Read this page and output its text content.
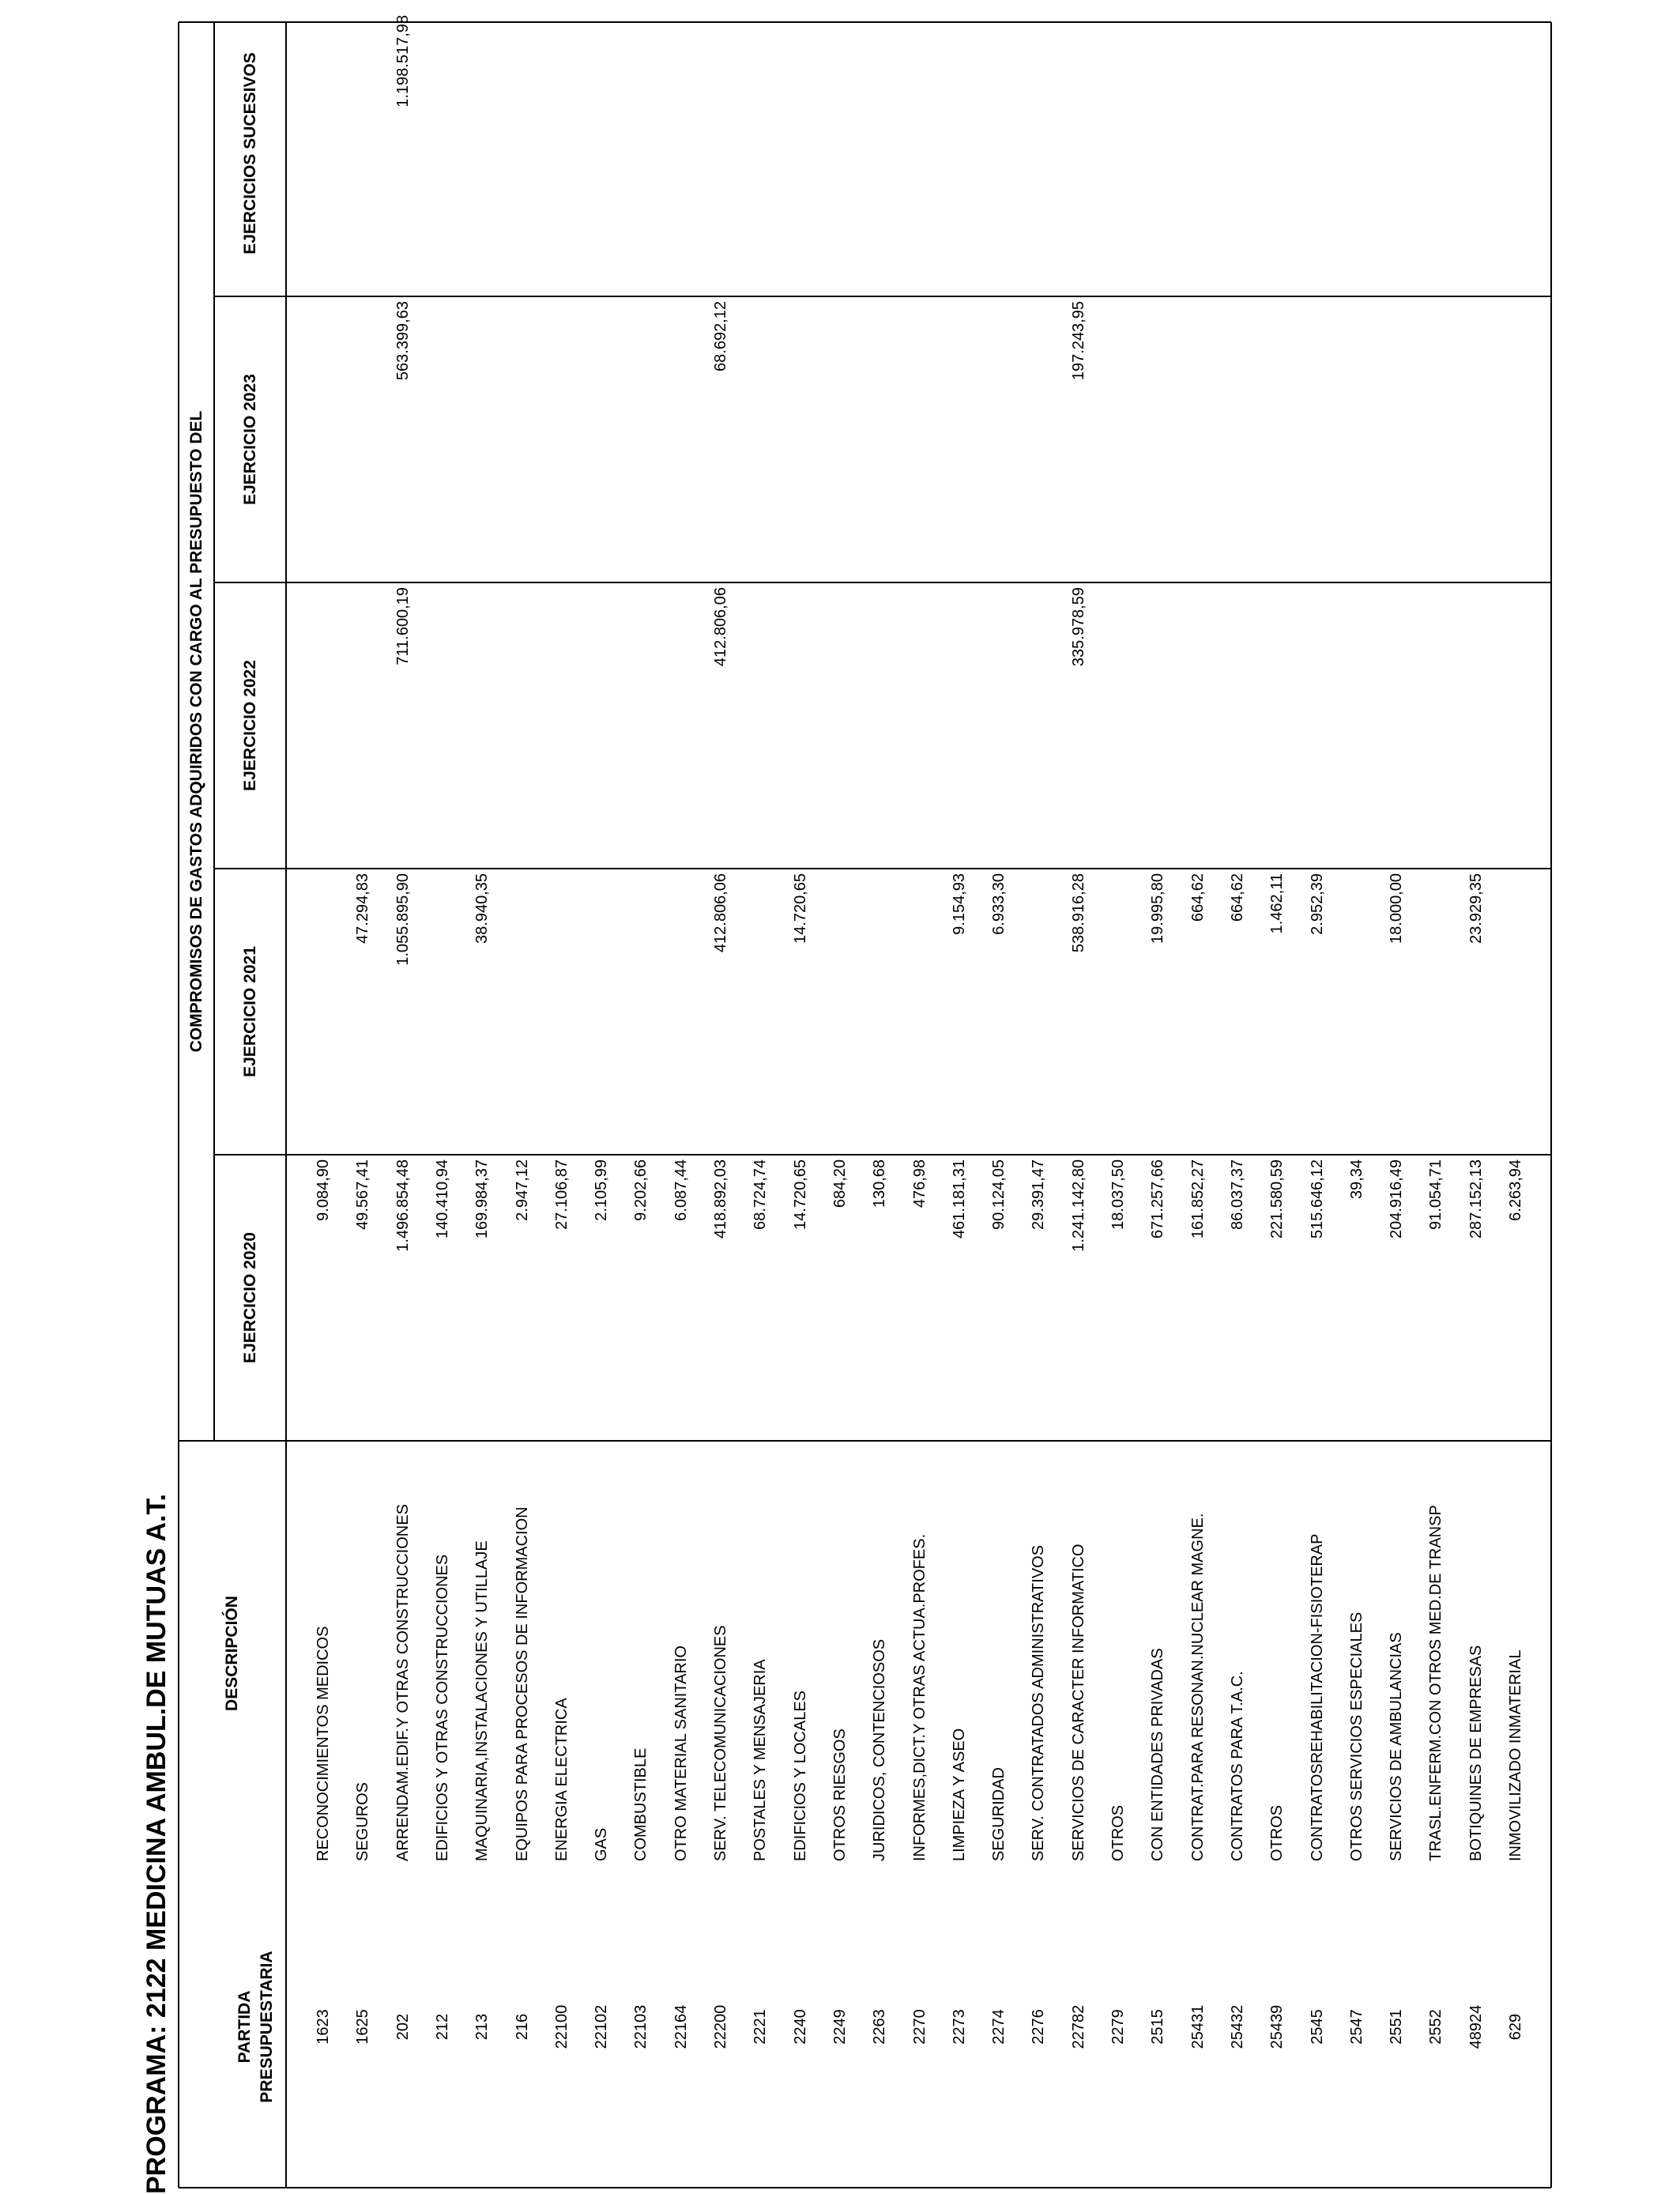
PROGRAMA: 2122 MEDICINA AMBUL.DE MUTUAS A.T.	PARTIDA
PRESUPUESTARIA
DESCRIPCIÓN
COMPROMISOS DE GASTOS ADQUIRIDOS CON CARGO AL PRESUPUESTO DEL
EJERCICIO 2020
EJERCICIO 2021
EJERCICIO 2022
EJERCICIO 2023
EJERCICIOS SUCESIVOS
1623
RECONOCIMIENTOS MEDICOS
9.084,90
1625
SEGUROS
49.567,41
47.294,83
202
ARRENDAM.EDIF.Y OTRAS CONSTRUCCIONES
1.496.854,48
1.055.895,90
711.600,19
563.399,63
1.198.517,98
212
EDIFICIOS Y OTRAS CONSTRUCCIONES
140.410,94
213
MAQUINARIA,INSTALACIONES Y UTILLAJE
169.984,37
38.940,35
216
EQUIPOS PARA PROCESOS DE INFORMACION
2.947,12
22100
ENERGIA ELECTRICA
27.106,87
22102
GAS
2.105,99
22103
COMBUSTIBLE
9.202,66
22164
OTRO MATERIAL SANITARIO
6.087,44
22200
SERV. TELECOMUNICACIONES
418.892,03
412.806,06
412.806,06
68.692,12
2221
POSTALES Y MENSAJERIA
68.724,74
2240
EDIFICIOS Y LOCALES
14.720,65
14.720,65
2249
OTROS RIESGOS
684,20
2263
JURIDICOS, CONTENCIOSOS
130,68
2270
INFORMES,DICT.Y OTRAS ACTUA.PROFES.
476,98
2273
LIMPIEZA Y ASEO
461.181,31
9.154,93
2274
SEGURIDAD
90.124,05
6.933,30
2276
SERV. CONTRATADOS ADMINISTRATIVOS
29.391,47
22782
SERVICIOS DE CARACTER INFORMATICO
1.241.142,80
538.916,28
335.978,59
197.243,95
2279
OTROS
18.037,50
2515
CON ENTIDADES PRIVADAS
671.257,66
19.995,80
25431
CONTRAT.PARA RESONAN.NUCLEAR MAGNE.
161.852,27
664,62
25432
CONTRATOS PARA T.A.C.
86.037,37
664,62
25439
OTROS
221.580,59
1.462,11
2545
CONTRATOSREHABILITACION-FISIOTERAP
515.646,12
2.952,39
2547
OTROS SERVICIOS ESPECIALES
39,34
2551
SERVICIOS DE AMBULANCIAS
204.916,49
18.000,00
2552
TRASL.ENFERM.CON OTROS MED.DE TRANSP
91.054,71
48924
BOTIQUINES DE EMPRESAS
287.152,13
23.929,35
629
INMOVILIZADO INMATERIAL
6.263,94
